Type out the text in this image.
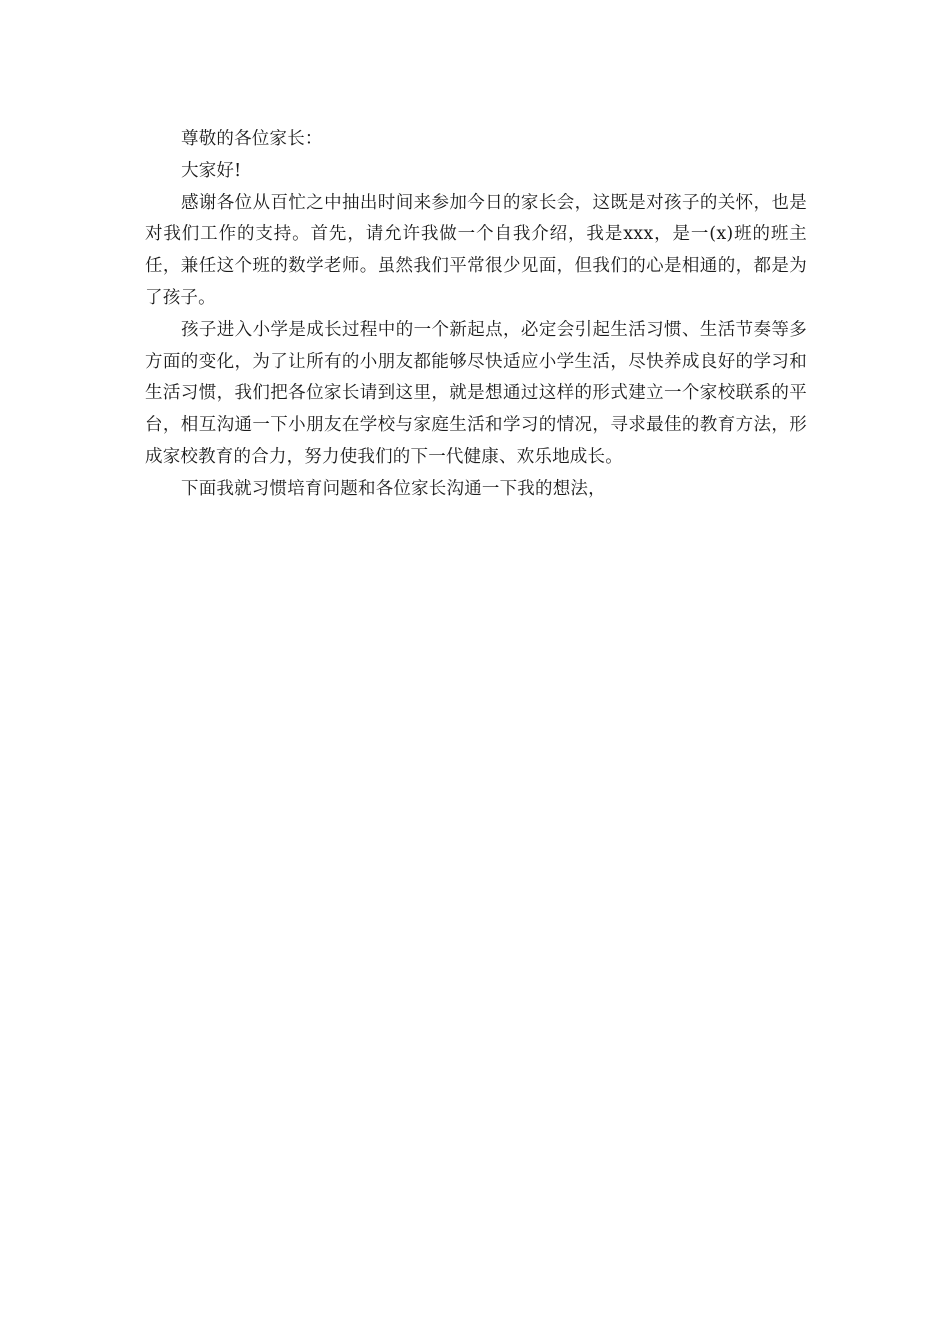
尊敬的各位家长：

大家好!

感谢各位从百忙之中抽出时间来参加今日的家长会，这既是对孩子的关怀，也是对我们工作的支持。首先，请允许我做一个自我介绍，我是xxx，是一(x)班的班主任，兼任这个班的数学老师。虽然我们平常很少见面，但我们的心是相通的，都是为了孩子。

孩子进入小学是成长过程中的一个新起点，必定会引起生活习惯、生活节奏等多方面的变化，为了让所有的小朋友都能够尽快适应小学生活，尽快养成良好的学习和生活习惯，我们把各位家长请到这里，就是想通过这样的形式建立一个家校联系的平台，相互沟通一下小朋友在学校与家庭生活和学习的情况，寻求最佳的教育方法，形成家校教育的合力，努力使我们的下一代健康、欢乐地成长。

下面我就习惯培育问题和各位家长沟通一下我的想法，
